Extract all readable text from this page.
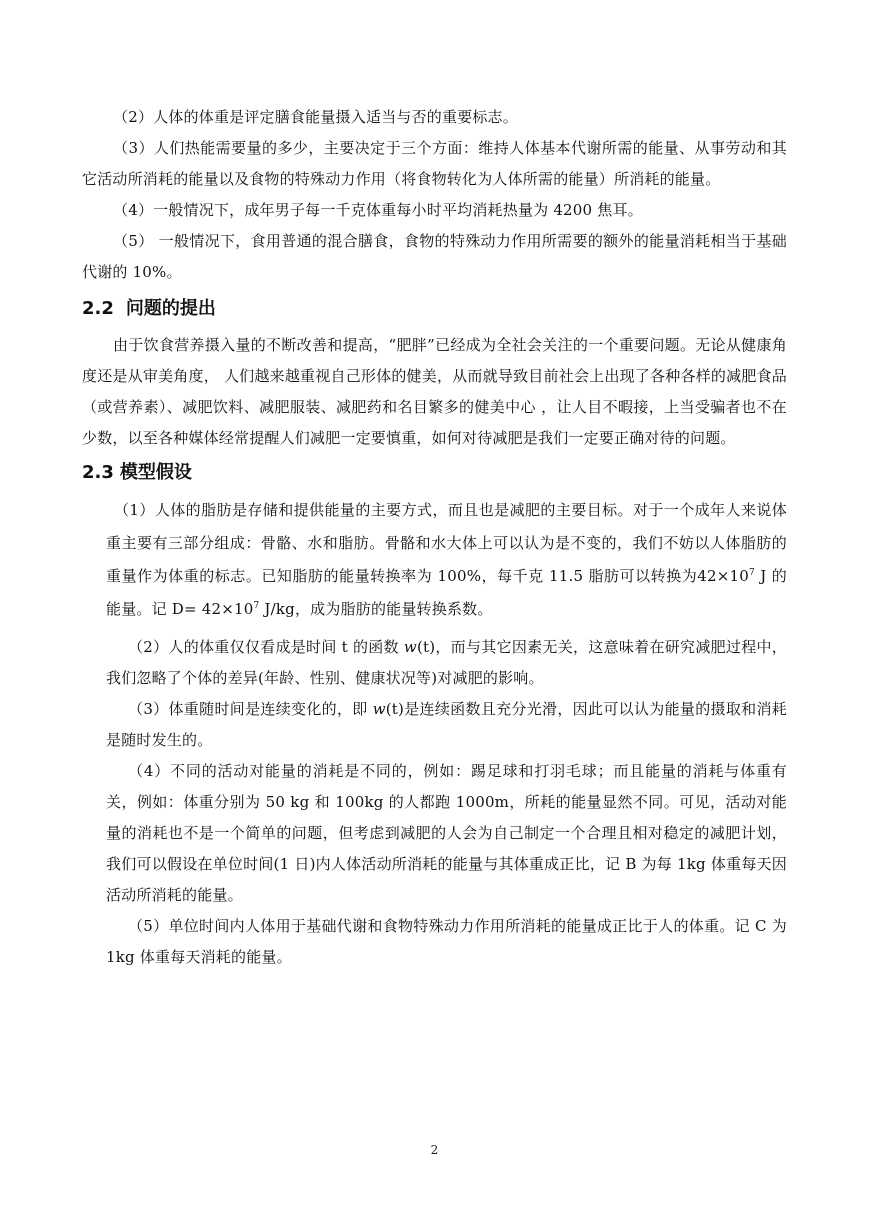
（2）人体的体重是评定膳食能量摄入适当与否的重要标志。

（3）人们热能需要量的多少，主要决定于三个方面：维持人体基本代谢所需的能量、从事劳动和其它活动所消耗的能量以及食物的特殊动力作用（将食物转化为人体所需的能量）所消耗的能量。

（4）一般情况下，成年男子每一千克体重每小时平均消耗热量为 4200 焦耳。

（5） 一般情况下，食用普通的混合膳食，食物的特殊动力作用所需要的额外的能量消耗相当于基础代谢的 10%。

2.2 问题的提出

由于饮食营养摄入量的不断改善和提高，“肥胖”已经成为全社会关注的一个重要问题。无论从健康角度还是从审美角度， 人们越来越重视自己形体的健美，从而就导致目前社会上出现了各种各样的减肥食品（或营养素）、减肥饮料、减肥服装、减肥药和名目繁多的健美中心 ，让人目不暇接，上当受骗者也不在少数，以至各种媒体经常提醒人们减肥一定要慎重，如何对待减肥是我们一定要正确对待的问题。

2.3 模型假设

（1）人体的脂肪是存储和提供能量的主要方式，而且也是减肥的主要目标。对于一个成年人来说体重主要有三部分组成：骨骼、水和脂肪。骨骼和水大体上可以认为是不变的，我们不妨以人体脂肪的重量作为体重的标志。已知脂肪的能量转换率为 100%，每千克 11.5 脂肪可以转换为$42\times 10^7$ J 的能量。记 $D= 42\times 10^7$ J/kg，成为脂肪的能量转换系数。

（2）人的体重仅仅看成是时间 t 的函数 w(t)，而与其它因素无关，这意味着在研究减肥过程中，我们忽略了个体的差异(年龄、性别、健康状况等)对减肥的影响。

（3）体重随时间是连续变化的，即 w(t)是连续函数且充分光滑，因此可以认为能量的摄取和消耗是随时发生的。

（4）不同的活动对能量的消耗是不同的，例如：踢足球和打羽毛球；而且能量的消耗与体重有关，例如：体重分别为 50 kg 和 100kg 的人都跑 1000m，所耗的能量显然不同。可见，活动对能量的消耗也不是一个简单的问题，但考虑到减肥的人会为自己制定一个合理且相对稳定的减肥计划，我们可以假设在单位时间(1 日)内人体活动所消耗的能量与其体重成正比，记 B 为每 1kg 体重每天因活动所消耗的能量。

（5）单位时间内人体用于基础代谢和食物特殊动力作用所消耗的能量成正比于人的体重。记 C 为 1kg 体重每天消耗的能量。

2
